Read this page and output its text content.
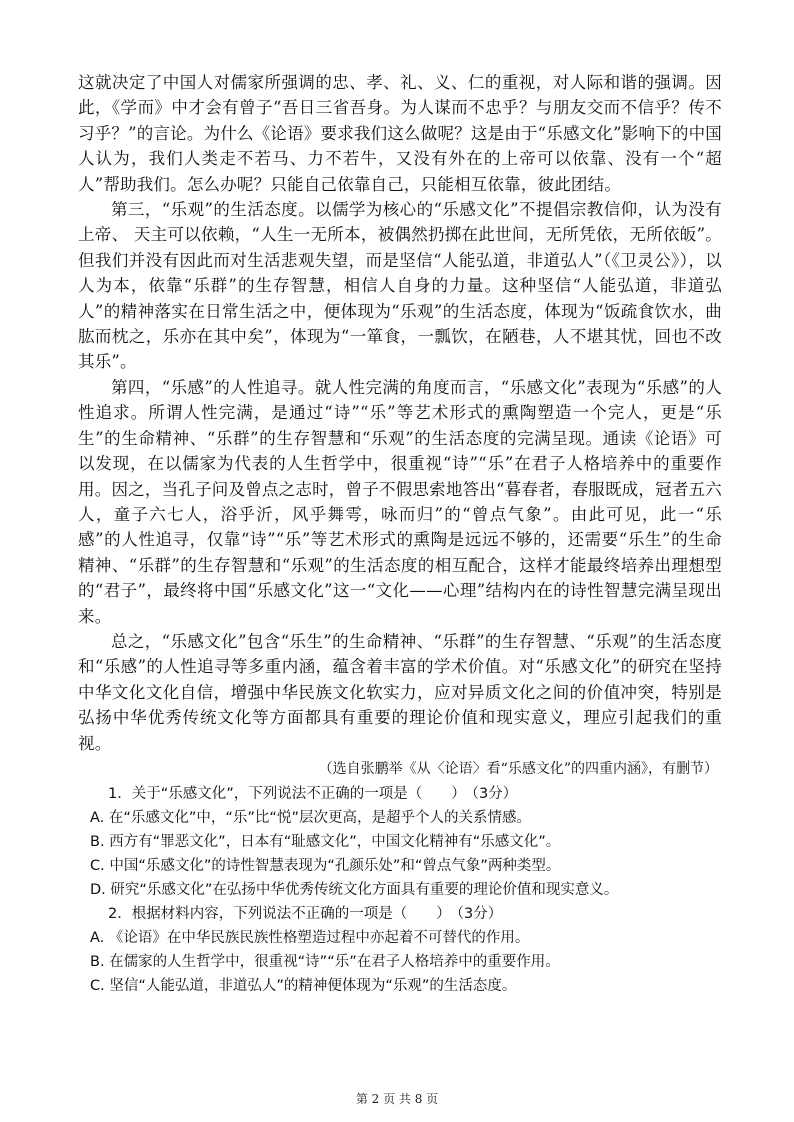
这就决定了中国人对儒家所强调的忠、孝、礼、义、仁的重视，对人际和谐的强调。因此，《学而》中才会有曾子“吾日三省吾身。为人谋而不忠乎？与朋友交而不信乎？传不习乎？”的言论。为什么《论语》要求我们这么做呢？这是由于“乐感文化”影响下的中国人认为，我们人类走不若马、力不若牛，又没有外在的上帝可以依靠、没有一个“超人”帮助我们。怎么办呢？只能自己依靠自己，只能相互依靠，彼此团结。

第三，“乐观”的生活态度。以儒学为核心的“乐感文化”不提倡宗教信仰，认为没有上帝、 天主可以依赖，“人生一无所本，被偶然扔掷在此世间，无所凭依，无所依皈”。但我们并没有因此而对生活悲观失望，而是坚信“人能弘道，非道弘人”（《卫灵公》），以人为本，依靠“乐群”的生存智慧，相信人自身的力量。这种坚信“人能弘道，非道弘人”的精神落实在日常生活之中，便体现为“乐观”的生活态度，体现为“饭疏食饮水，曲肱而枕之，乐亦在其中矣”，体现为“一箪食，一瓢饮，在陋巷，人不堪其忧，回也不改其乐”。

第四，“乐感”的人性追寻。就人性完满的角度而言，“乐感文化”表现为“乐感”的人性追求。所谓人性完满，是通过“诗”“乐”等艺术形式的熏陶塑造一个完人，更是“乐生”的生命精神、“乐群”的生存智慧和“乐观”的生活态度的完满呈现。通读《论语》可以发现，在以儒家为代表的人生哲学中，很重视“诗”“乐”在君子人格培养中的重要作用。因之，当孔子问及曾点之志时，曾子不假思索地答出“暮春者，春服既成，冠者五六人，童子六七人，浴乎沂，风乎舞雩，咏而归”的“曾点气象”。由此可见，此一“乐感”的人性追寻，仅靠“诗”“乐”等艺术形式的熏陶是远远不够的，还需要“乐生”的生命精神、“乐群”的生存智慧和“乐观”的生活态度的相互配合，这样才能最终培养出理想型的“君子”，最终将中国“乐感文化”这一“文化——心理”结构内在的诗性智慧完满呈现出来。

总之，“乐感文化”包含“乐生”的生命精神、“乐群”的生存智慧、“乐观”的生活态度和“乐感”的人性追寻等多重内涵，蕴含着丰富的学术价值。对“乐感文化”的研究在坚持中华文化文化自信，增强中华民族文化软实力，应对异质文化之间的价值冲突，特别是弘扬中华优秀传统文化等方面都具有重要的理论价值和现实意义，理应引起我们的重视。

（选自张鹏举《从〈论语〉看“乐感文化”的四重内涵》，有删节）
1．关于“乐感文化”，下列说法不正确的一项是（　　） （3分）
A. 在“乐感文化”中，“乐”比“悦”层次更高，是超乎个人的关系情感。
B. 西方有“罪恶文化”，日本有“耻感文化”，中国文化精神有“乐感文化”。
C. 中国“乐感文化”的诗性智慧表现为“孔颜乐处”和“曾点气象”两种类型。
D. 研究“乐感文化”在弘扬中华优秀传统文化方面具有重要的理论价值和现实意义。
2．根据材料内容，下列说法不正确的一项是（　　） （3分）
A. 《论语》在中华民族民族性格塑造过程中亦起着不可替代的作用。
B. 在儒家的人生哲学中，很重视“诗”“乐”在君子人格培养中的重要作用。
C. 坚信“人能弘道，非道弘人”的精神便体现为“乐观”的生活态度。
第 2 页 共 8 页
